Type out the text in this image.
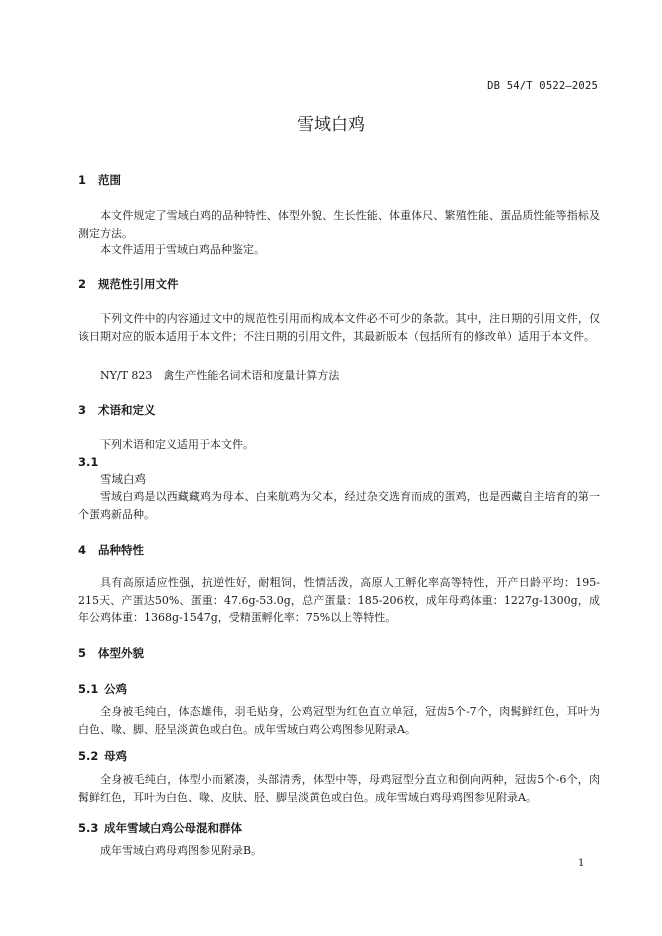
DB 54/T 0522—2025
雪域白鸡
1 范围
本文件规定了雪域白鸡的品种特性、体型外貌、生长性能、体重体尺、繁殖性能、蛋品质性能等指标及测定方法。
本文件适用于雪域白鸡品种鉴定。
2 规范性引用文件
下列文件中的内容通过文中的规范性引用而构成本文件必不可少的条款。其中，注日期的引用文件，仅该日期对应的版本适用于本文件；不注日期的引用文件，其最新版本（包括所有的修改单）适用于本文件。
NY/T 823　禽生产性能名词术语和度量计算方法
3 术语和定义
下列术语和定义适用于本文件。
3.1
雪域白鸡
雪域白鸡是以西藏藏鸡为母本、白来航鸡为父本，经过杂交选育而成的蛋鸡，也是西藏自主培育的第一个蛋鸡新品种。
4 品种特性
具有高原适应性强，抗逆性好，耐粗饲，性情活泼，高原人工孵化率高等特性，开产日龄平均：195-215天、产蛋达50%、蛋重：47.6g-53.0g，总产蛋量：185-206枚，成年母鸡体重：1227g-1300g，成年公鸡体重：1368g-1547g，受精蛋孵化率：75%以上等特性。
5 体型外貌
5.1 公鸡
全身被毛纯白，体态雄伟，羽毛贴身，公鸡冠型为红色直立单冠，冠齿5个-7个，肉髯鲜红色，耳叶为白色、喙、脚、胫呈淡黄色或白色。成年雪域白鸡公鸡图参见附录A。
5.2 母鸡
全身被毛纯白，体型小而紧凑，头部清秀，体型中等，母鸡冠型分直立和倒向两种，冠齿5个-6个，肉髯鲜红色，耳叶为白色、喙、皮肤、胫、脚呈淡黄色或白色。成年雪域白鸡母鸡图参见附录A。
5.3 成年雪域白鸡公母混和群体
成年雪域白鸡母鸡图参见附录B。
1
